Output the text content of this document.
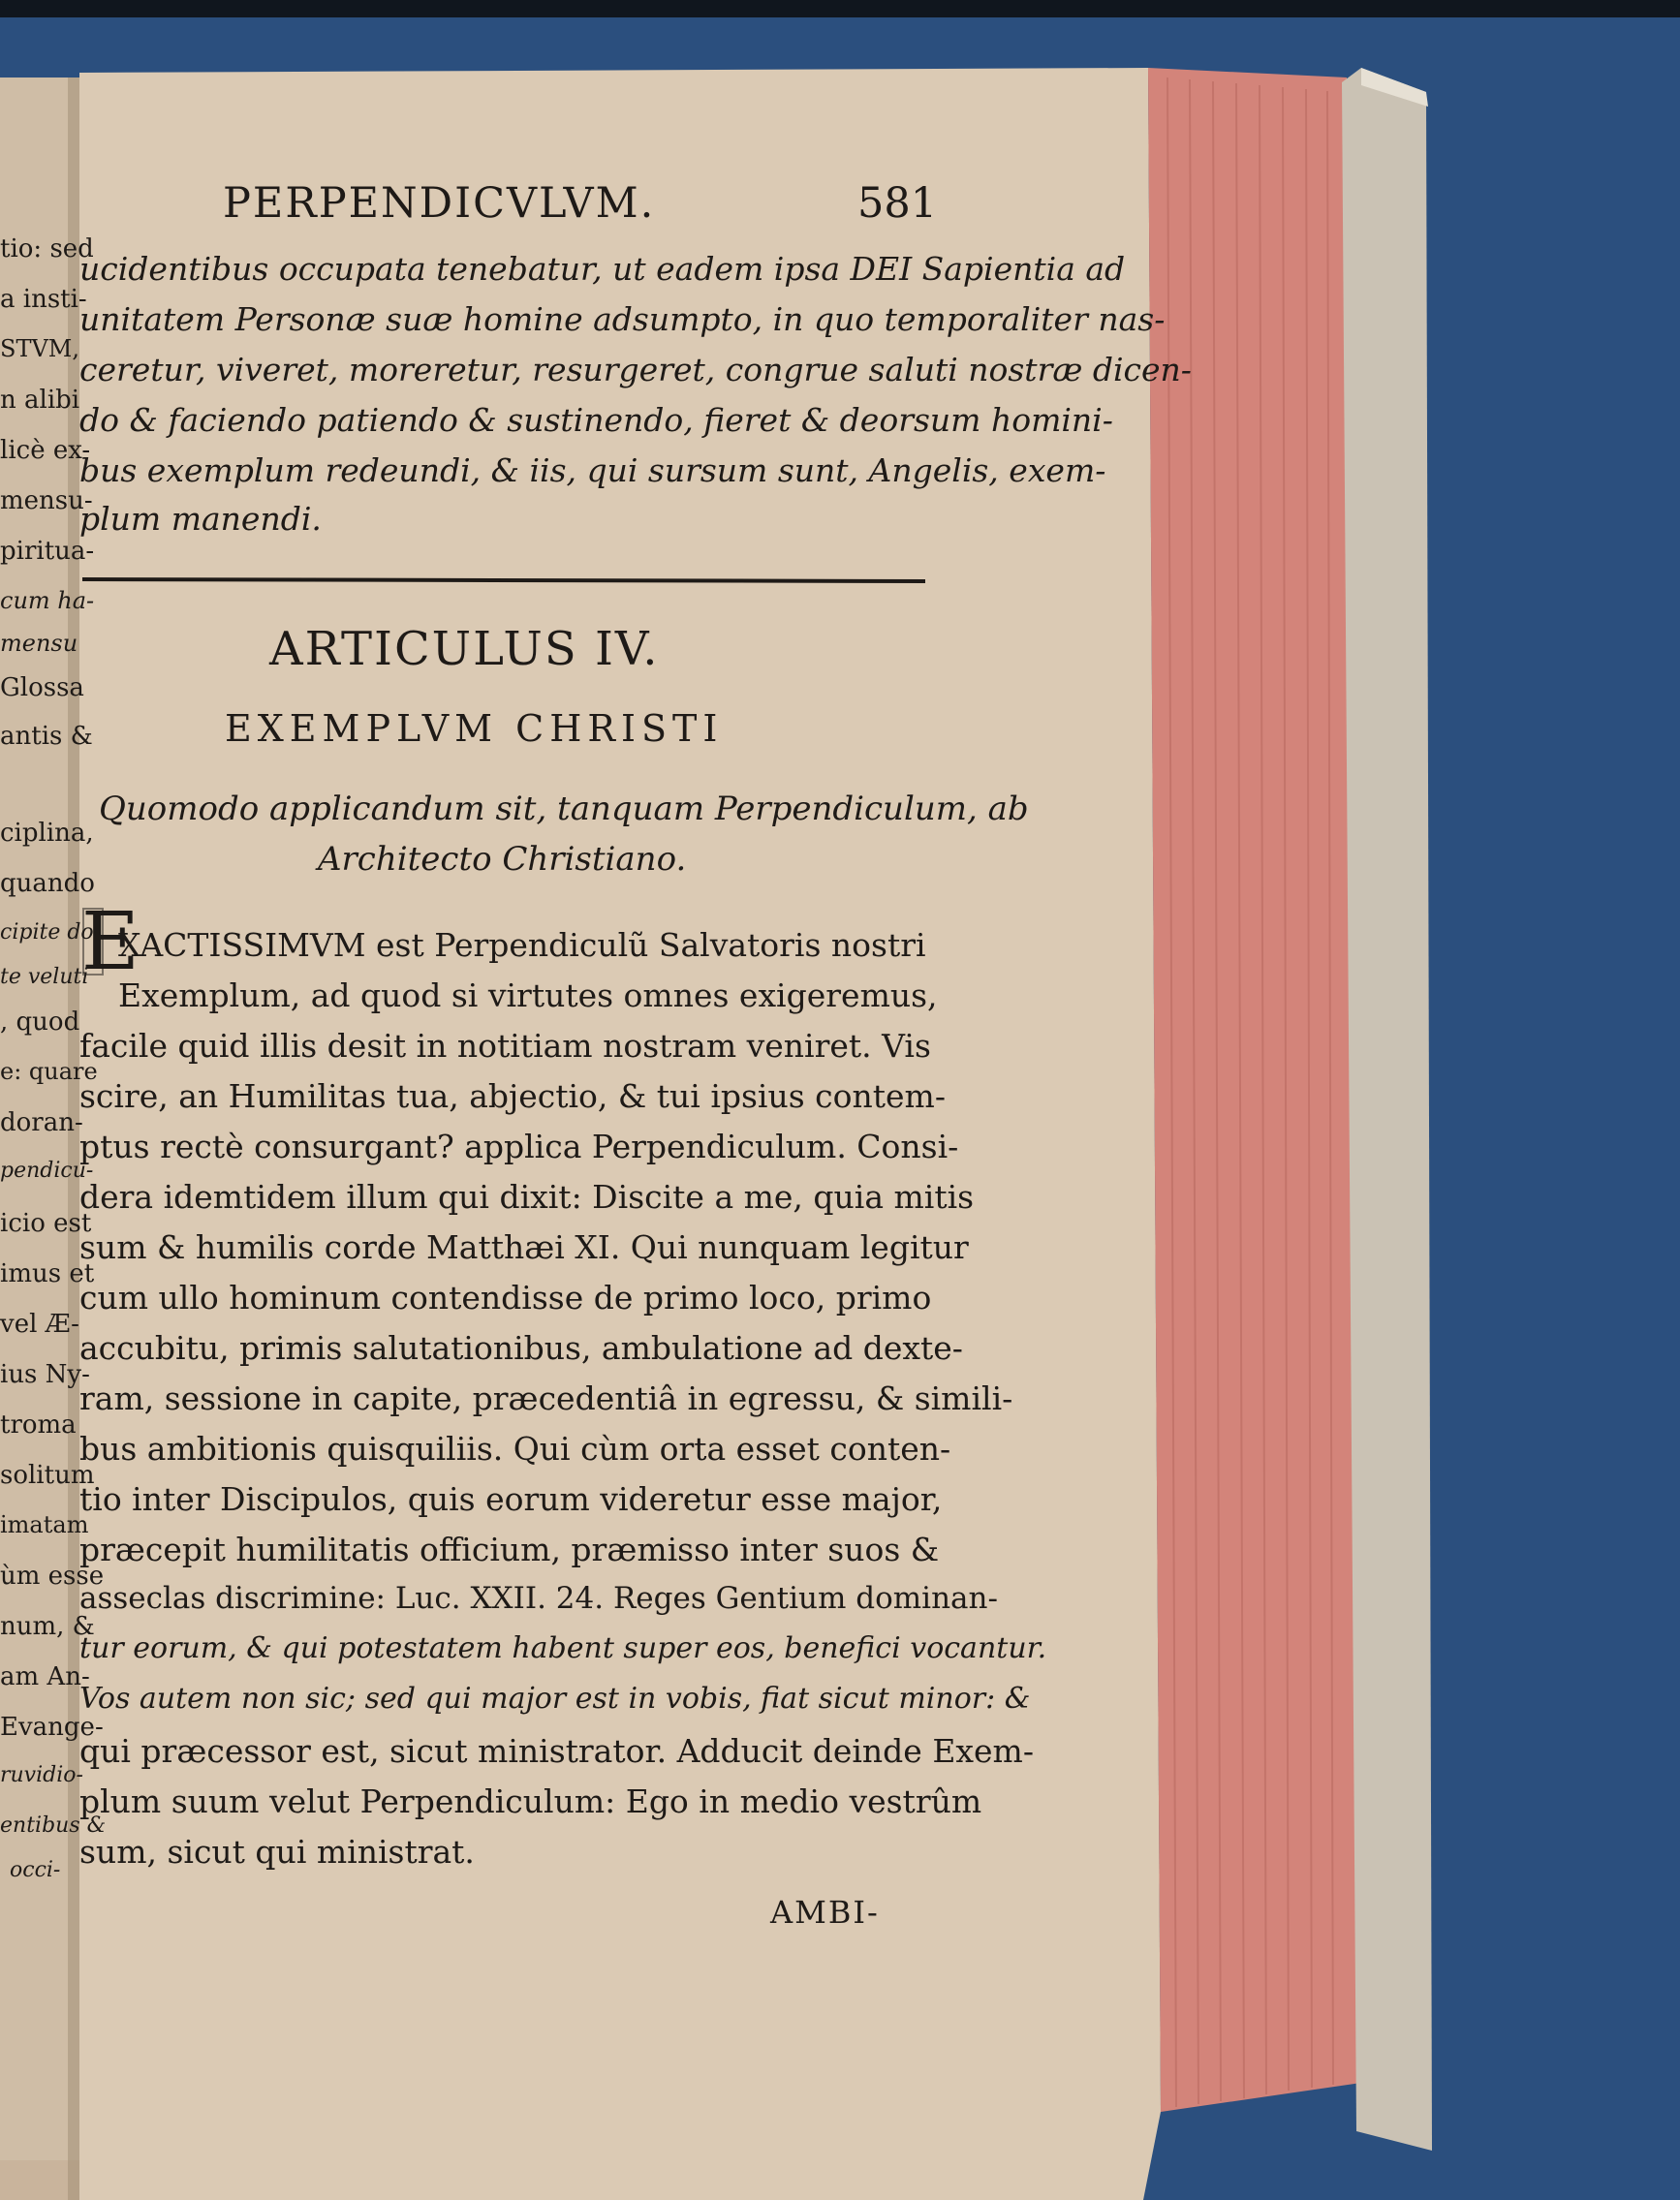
PERPENDICVLVM.	581
ucidentibus occupata tenebatur, ut eadem ipsa DEI Sapientia ad
unitatem Personæ suæ homine adsumpto, in quo temporaliter nas-
ceretur, viveret, moreretur, resurgeret, congrue saluti nostræ dicen-
do & faciendo patiendo & sustinendo, fieret & deorsum homini-
bus exemplum redeundi, & iis, qui sursum sunt, Angelis, exem-
plum manendi.
ARTICULUS IV.
EXEMPLVM CHRISTI
Quomodo applicandum sit, tanquam Perpendiculum, ab
Architecto Christiano.
E
XACTISSIMVM est Perpendiculũ Salvatoris nostri
Exemplum, ad quod si virtutes omnes exigeremus,
facile quid illis desit in notitiam nostram veniret. Vis
scire, an Humilitas tua, abjectio, & tui ipsius contem-
ptus rectè consurgant? applica Perpendiculum. Consi-
dera idemtidem illum qui dixit: Discite a me, quia mitis
sum & humilis corde Matthæi XI. Qui nunquam legitur
cum ullo hominum contendisse de primo loco, primo
accubitu, primis salutationibus, ambulatione ad dexte-
ram, sessione in capite, præcedentiâ in egressu, & simili-
bus ambitionis quisquiliis. Qui cùm orta esset conten-
tio inter Discipulos, quis eorum videretur esse major,
præcepit humilitatis officium, præmisso inter suos &
asseclas discrimine: Luc. XXII. 24. Reges Gentium dominan-
tur eorum, & qui potestatem habent super eos, benefici vocantur.
Vos autem non sic; sed qui major est in vobis, fiat sicut minor: &
qui præcessor est, sicut ministrator. Adducit deinde Exem-
plum suum velut Perpendiculum: Ego in medio vestrûm
sum, sicut qui ministrat.
AMBI-
tio: sed
a insti-
STVM,
n alibi
licè ex-
mensu-
piritua-
cum ha-
mensu
Glossa
antis &
ciplina,
quando
cipite do-
te veluti
, quod
e: quare
doran-
pendicu-
icio est
imus et
vel Æ-
ius Ny-
troma
solitum
imatam
ùm esse
num, &
am An-
Evange-
ruvidio-
entibus &
occi-
